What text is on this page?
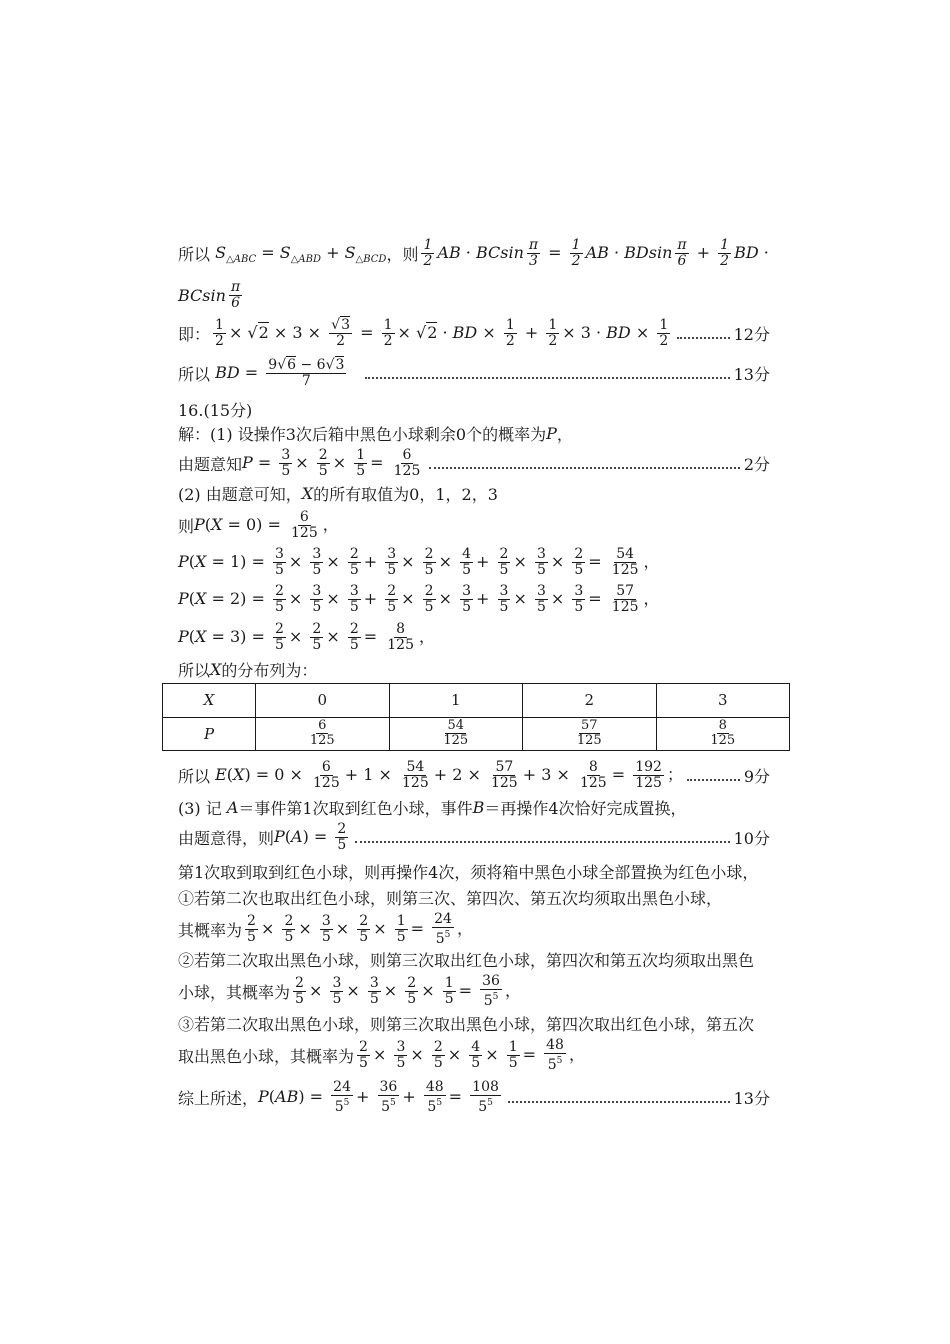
所以 $S_{\triangle ABC} = S_{\triangle ABD} + S_{\triangle BCD}$ ，则 $\frac{1}{2}$ AB · BCsin $\frac{\pi}{3} = \frac{1}{2}$ AB · BDsin $\frac{\pi}{6} + \frac{1}{2}$ BD ·
BCsin $\frac{\pi}{6}$
即： $\frac{1}{2} \times √2 \times 3 \times \frac{√3}{2} = \frac{1}{2} \times √2$ · BD × $\frac{1}{2} + \frac{1}{2} \times 3$ · BD × $\frac{1}{2}$	12分
所以 BD = $\frac{9√6 - 6√3}{7}$	13分
16.(15分)
解：(1) 设操作3次后箱中黑色小球剩余0个的概率为 P ，
由题意知 $P = \frac{3}{5} \times \frac{2}{5} \times \frac{1}{5} = \frac{6}{125}$	2分
(2) 由题意可知， X 的所有取值为0，1，2，3
则 $P(X = 0) = \frac{6}{125}$ ，
$P(X = 1) = \frac{3}{5} \times \frac{3}{5} \times \frac{2}{5} + \frac{3}{5} \times \frac{2}{5} \times \frac{4}{5} + \frac{2}{5} \times \frac{3}{5} \times \frac{2}{5} = \frac{54}{125}$ ，
$P(X = 2) = \frac{2}{5} \times \frac{3}{5} \times \frac{3}{5} + \frac{2}{5} \times \frac{2}{5} \times \frac{3}{5} + \frac{3}{5} \times \frac{3}{5} \times \frac{3}{5} = \frac{57}{125}$ ，
$P(X = 3) = \frac{2}{5} \times \frac{2}{5} \times \frac{2}{5} = \frac{8}{125}$ ，
所以 X 的分布列为：
X	0	1	2	3
P	$\frac{6}{125}$	$\frac{54}{125}$	$\frac{57}{125}$	$\frac{8}{125}$
所以 $E(X) = 0 \times \frac{6}{125} + 1 \times \frac{54}{125} + 2 \times \frac{57}{125} + 3 \times \frac{8}{125} = \frac{192}{125}$ ；	9分
(3) 记 A ＝事件第1次取到红色小球，事件 B ＝再操作4次恰好完成置换，
由题意得，则 $P(A) = \frac{2}{5}$	10分
第1次取到取到红色小球，则再操作4次，须将箱中黑色小球全部置换为红色小球，
①若第二次也取出红色小球，则第三次、第四次、第五次均须取出黑色小球，
其概率为 $\frac{2}{5} \times \frac{2}{5} \times \frac{3}{5} \times \frac{2}{5} \times \frac{1}{5} = \frac{24}{5^5}$ ，
②若第二次取出黑色小球，则第三次取出红色小球，第四次和第五次均须取出黑色
小球，其概率为 $\frac{2}{5} \times \frac{3}{5} \times \frac{3}{5} \times \frac{2}{5} \times \frac{1}{5} = \frac{36}{5^5}$ ，
③若第二次取出黑色小球，则第三次取出黑色小球，第四次取出红色小球，第五次
取出黑色小球，其概率为 $\frac{2}{5} \times \frac{3}{5} \times \frac{2}{5} \times \frac{4}{5} \times \frac{1}{5} = \frac{48}{5^5}$ ，
综上所述， $P(AB) = \frac{24}{5^5} + \frac{36}{5^5} + \frac{48}{5^5} = \frac{108}{5^5}$	13分
